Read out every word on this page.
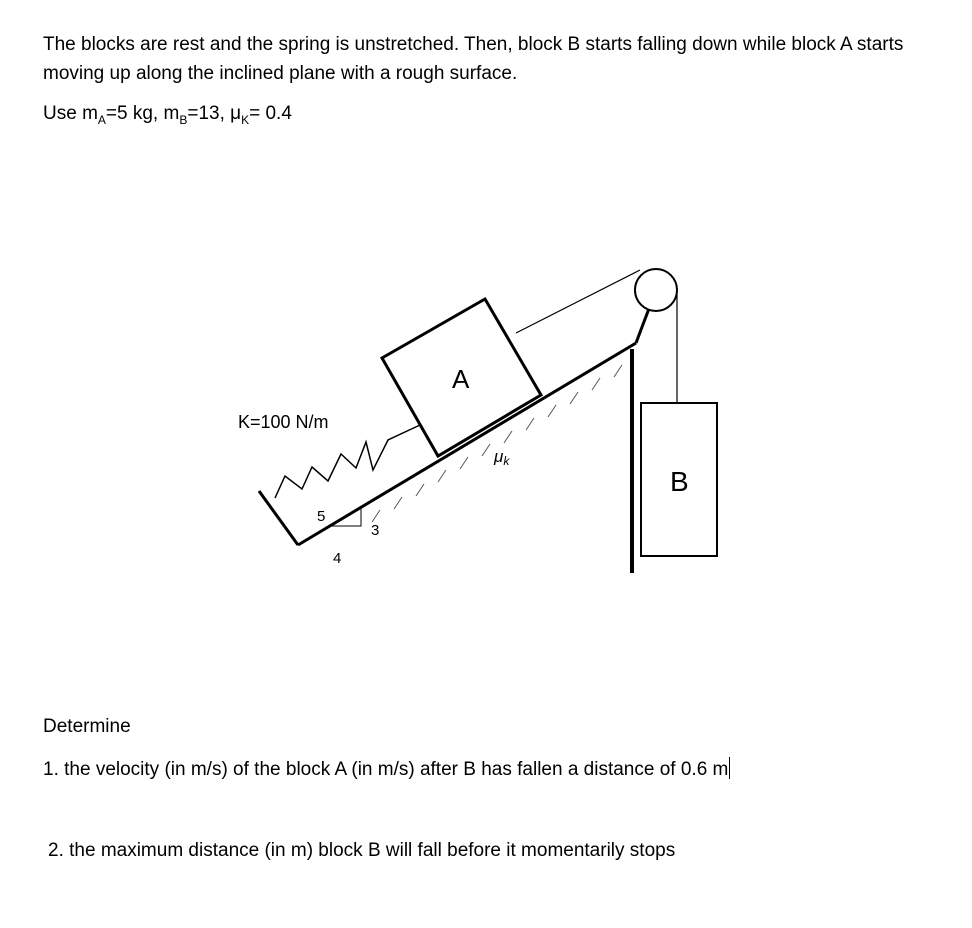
The blocks are rest and the spring is unstretched. Then, block B starts falling down while block A starts moving up along the inclined plane with a rough surface.
Use $m_A=5$ kg, $m_B=13$, $\mu_K= 0.4$
K=100 N/m
A
B
μk
5
3
4
Determine
1. the velocity (in m/s) of the block A (in m/s) after B has fallen a distance of 0.6 m
2. the maximum distance (in m) block B will fall before it momentarily stops
